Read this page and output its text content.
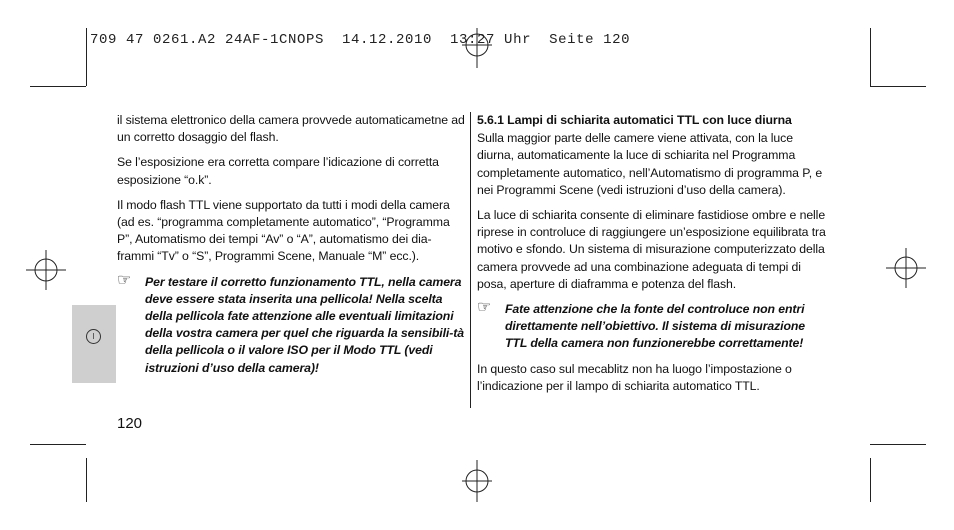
709 47 0261.A2 24AF-1CNOPS  14.12.2010  13:27 Uhr  Seite 120
I

il sistema elettronico della camera provvede automaticametne ad un corretto dosaggio del flash.

Se l’esposizione era corretta compare l’idicazione di corretta esposizione “o.k”.

Il modo flash TTL viene supportato da tutti i modi della camera (ad es. “programma completamente automatico”, “Programma P”, Automatismo dei tempi “Av” o “A”, automatismo dei dia-frammi “Tv” o “S”, Programmi Scene, Manuale “M” ecc.).

☞ Per testare il corretto funzionamento TTL, nella camera deve essere stata inserita una pellicola! Nella scelta della pellicola fate attenzione alle eventuali limitazioni della vostra camera per quel che riguarda la sensibili-tà della pellicola o il valore ISO per il Modo TTL (vedi istruzioni d’uso della camera)!

5.6.1 Lampi di schiarita automatici TTL con luce diurna

Sulla maggior parte delle camere viene attivata, con la luce diurna, automaticamente la luce di schiarita nel Programma completamente automatico, nell’Automatismo di programma P, e nei Programmi Scene (vedi istruzioni d’uso della camera).

La luce di schiarita consente di eliminare fastidiose ombre e nelle riprese in controluce di raggiungere un’esposizione equilibrata tra motivo e sfondo. Un sistema di misurazione computerizzato della camera provvede ad una combinazione adeguata di tempi di posa, aperture di diaframma e potenza del flash.

☞ Fate attenzione che la fonte del controluce non entri direttamente nell’obiettivo. Il sistema di misurazione TTL della camera non funzionerebbe correttamente!

In questo caso sul mecablitz non ha luogo l’impostazione o l’indicazione per il lampo di schiarita automatico TTL.

120
